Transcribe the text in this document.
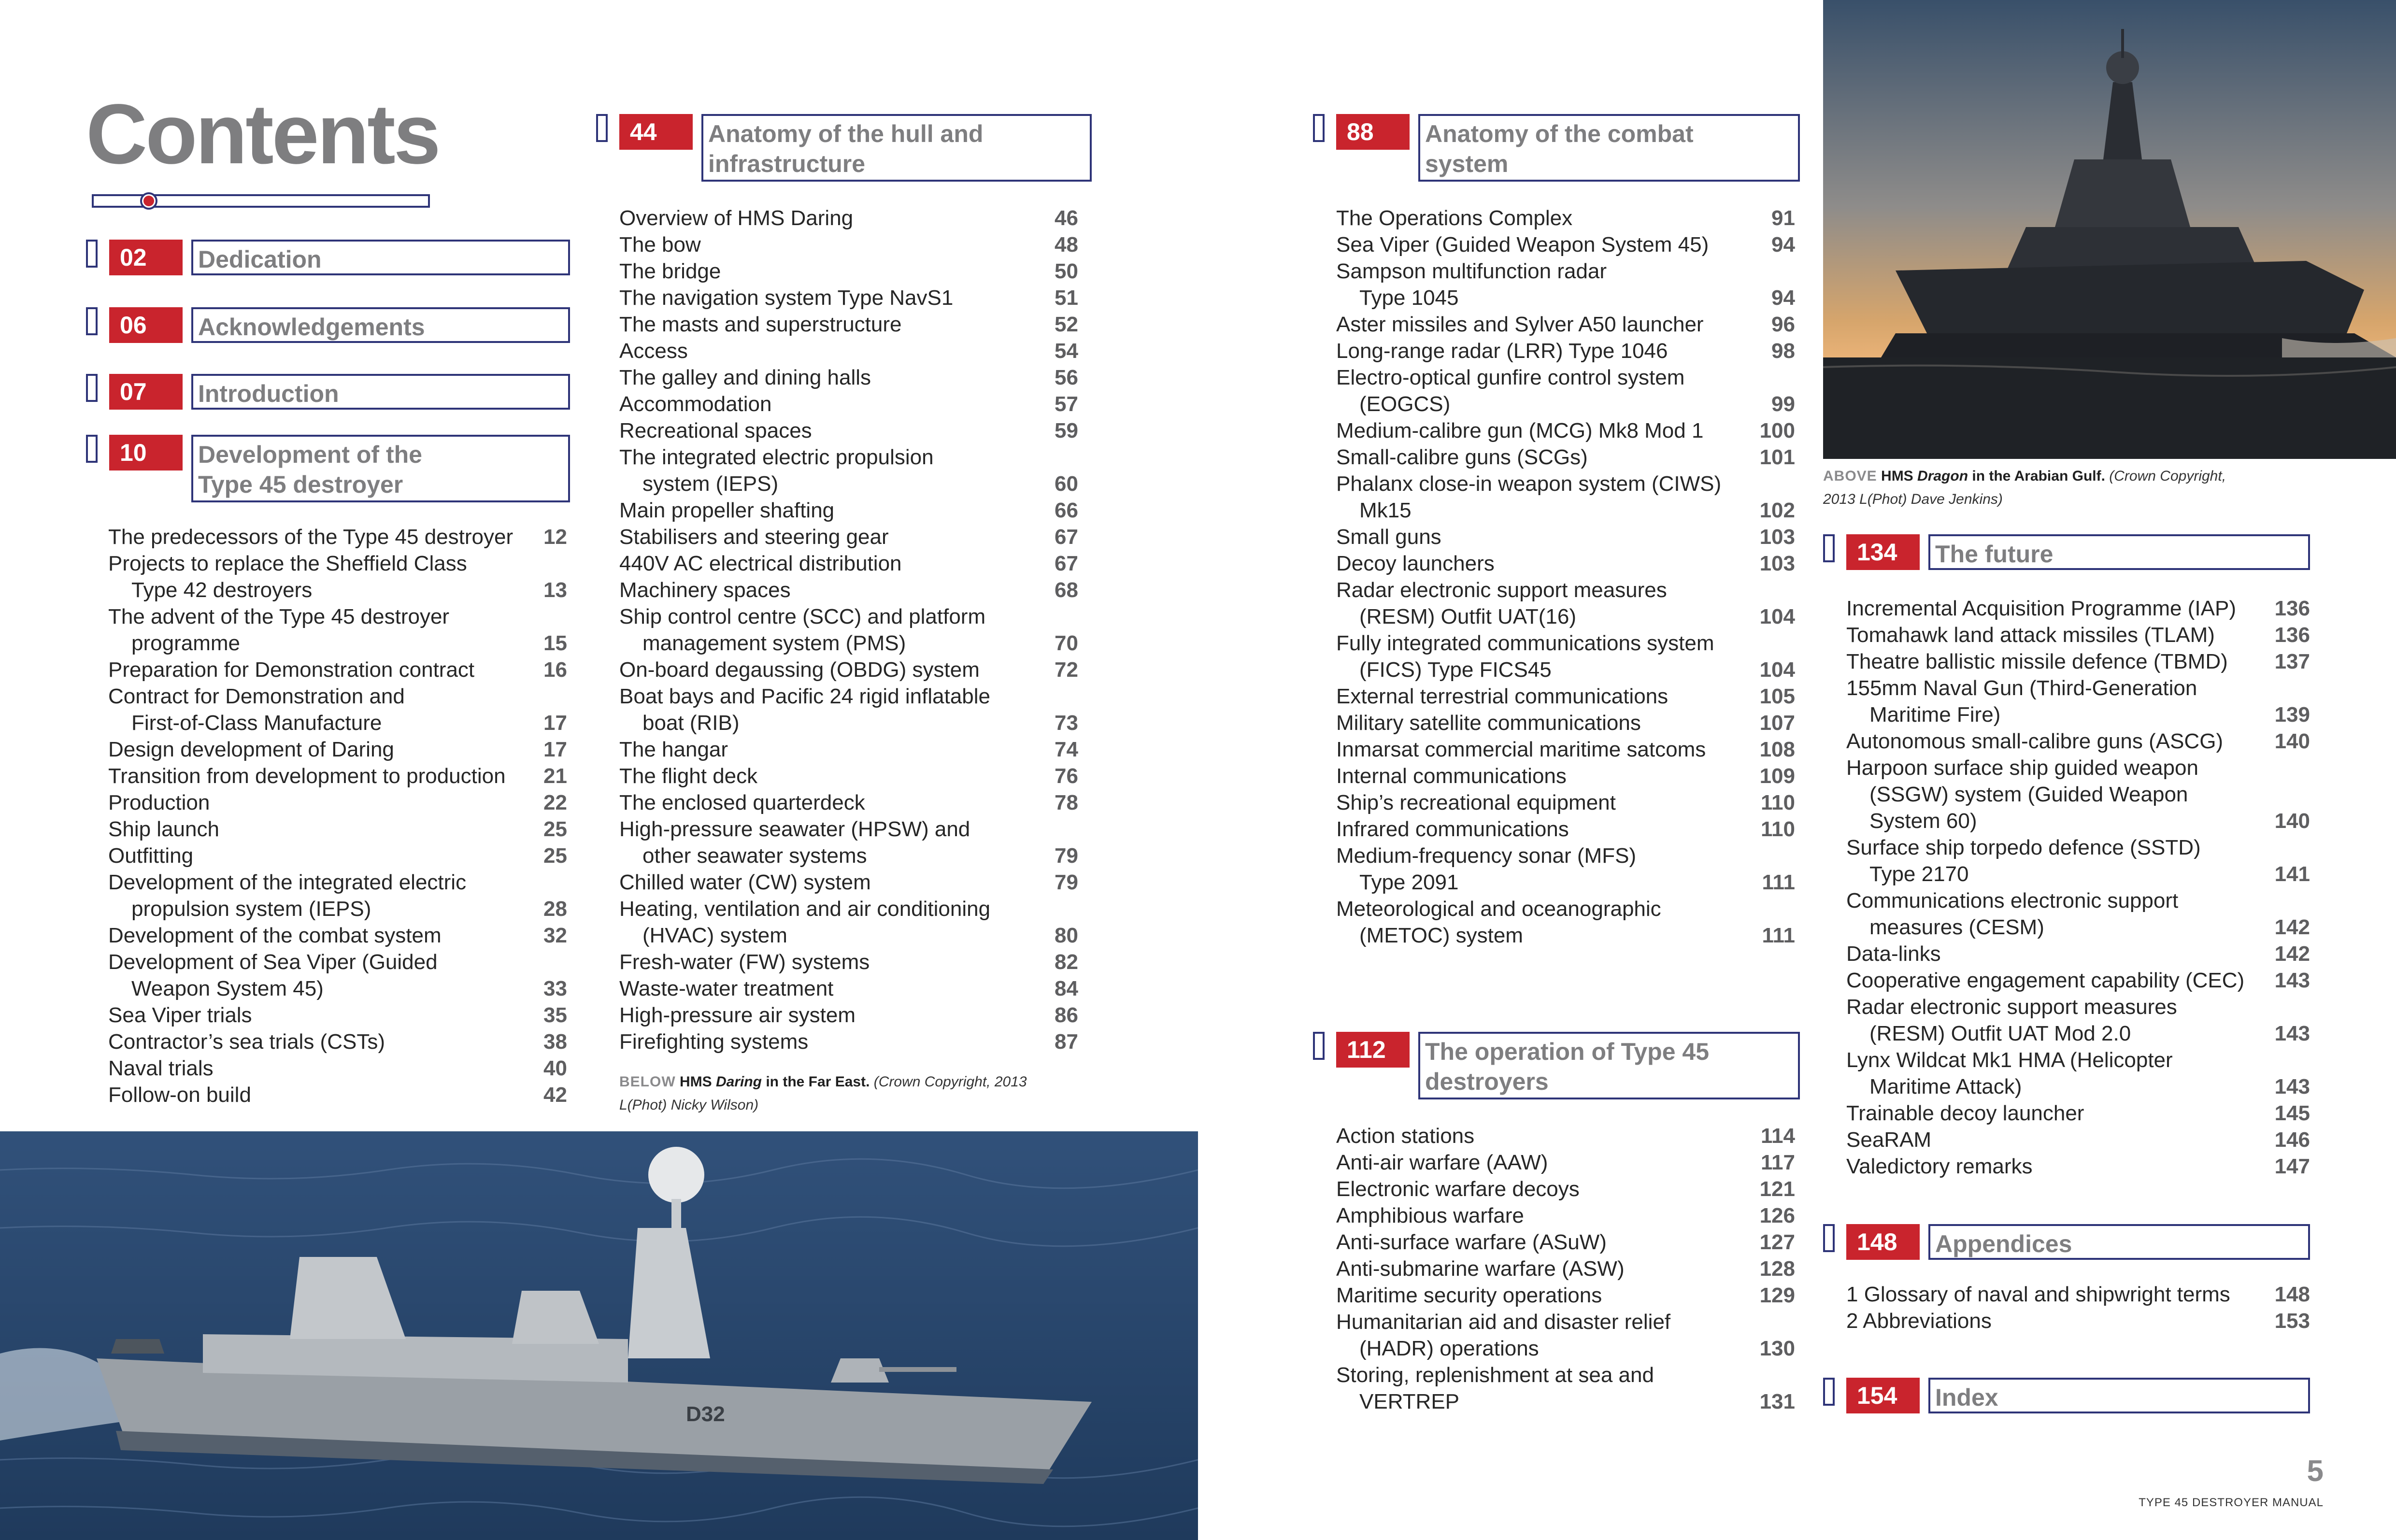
Contents
02	Dedication
06	Acknowledgements
07	Introduction
10	Development of the
Type 45 destroyer
The predecessors of the Type 45 destroyer	12
Projects to replace the Sheffield Class
Type 42 destroyers	13
The advent of the Type 45 destroyer
programme	15
Preparation for Demonstration contract	16
Contract for Demonstration and
First-of-Class Manufacture	17
Design development of Daring	17
Transition from development to production	21
Production	22
Ship launch	25
Outfitting	25
Development of the integrated electric
propulsion system (IEPS)	28
Development of the combat system	32
Development of Sea Viper (Guided
Weapon System 45)	33
Sea Viper trials	35
Contractor’s sea trials (CSTs)	38
Naval trials	40
Follow-on build	42
44	Anatomy of the hull and
infrastructure
Overview of HMS Daring	46
The bow	48
The bridge	50
The navigation system Type NavS1	51
The masts and superstructure	52
Access	54
The galley and dining halls	56
Accommodation	57
Recreational spaces	59
The integrated electric propulsion
system (IEPS)	60
Main propeller shafting	66
Stabilisers and steering gear	67
440V AC electrical distribution	67
Machinery spaces	68
Ship control centre (SCC) and platform
management system (PMS)	70
On-board degaussing (OBDG) system	72
Boat bays and Pacific 24 rigid inflatable
boat (RIB)	73
The hangar	74
The flight deck	76
The enclosed quarterdeck	78
High-pressure seawater (HPSW) and
other seawater systems	79
Chilled water (CW) system	79
Heating, ventilation and air conditioning
(HVAC) system	80
Fresh-water (FW) systems	82
Waste-water treatment	84
High-pressure air system	86
Firefighting systems	87
BELOW HMS Daring in the Far East. (Crown Copyright, 2013
L(Phot) Nicky Wilson)
88	Anatomy of the combat
system
The Operations Complex	91
Sea Viper (Guided Weapon System 45)	94
Sampson multifunction radar
Type 1045	94
Aster missiles and Sylver A50 launcher	96
Long-range radar (LRR) Type 1046	98
Electro-optical gunfire control system
(EOGCS)	99
Medium-calibre gun (MCG) Mk8 Mod 1	100
Small-calibre guns (SCGs)	101
Phalanx close-in weapon system (CIWS)
Mk15	102
Small guns	103
Decoy launchers	103
Radar electronic support measures
(RESM) Outfit UAT(16)	104
Fully integrated communications system
(FICS) Type FICS45	104
External terrestrial communications	105
Military satellite communications	107
Inmarsat commercial maritime satcoms	108
Internal communications	109
Ship’s recreational equipment	110
Infrared communications	110
Medium-frequency sonar (MFS)
Type 2091	111
Meteorological and oceanographic
(METOC) system	111
112	The operation of Type 45
destroyers
Action stations	114
Anti-air warfare (AAW)	117
Electronic warfare decoys	121
Amphibious warfare	126
Anti-surface warfare (ASuW)	127
Anti-submarine warfare (ASW)	128
Maritime security operations	129
Humanitarian aid and disaster relief
(HADR) operations	130
Storing, replenishment at sea and
VERTREP	131
ABOVE HMS Dragon in the Arabian Gulf. (Crown Copyright,
2013 L(Phot) Dave Jenkins)
134	The future
Incremental Acquisition Programme (IAP)	136
Tomahawk land attack missiles (TLAM)	136
Theatre ballistic missile defence (TBMD)	137
155mm Naval Gun (Third-Generation
Maritime Fire)	139
Autonomous small-calibre guns (ASCG)	140
Harpoon surface ship guided weapon
(SSGW) system (Guided Weapon
System 60)	140
Surface ship torpedo defence (SSTD)
Type 2170	141
Communications electronic support
measures (CESM)	142
Data-links	142
Cooperative engagement capability (CEC)	143
Radar electronic support measures
(RESM) Outfit UAT Mod 2.0	143
Lynx Wildcat Mk1 HMA (Helicopter
Maritime Attack)	143
Trainable decoy launcher	145
SeaRAM	146
Valedictory remarks	147
148	Appendices
1 Glossary of naval and shipwright terms	148
2 Abbreviations	153
154	Index
D32
5
TYPE 45 DESTROYER MANUAL
